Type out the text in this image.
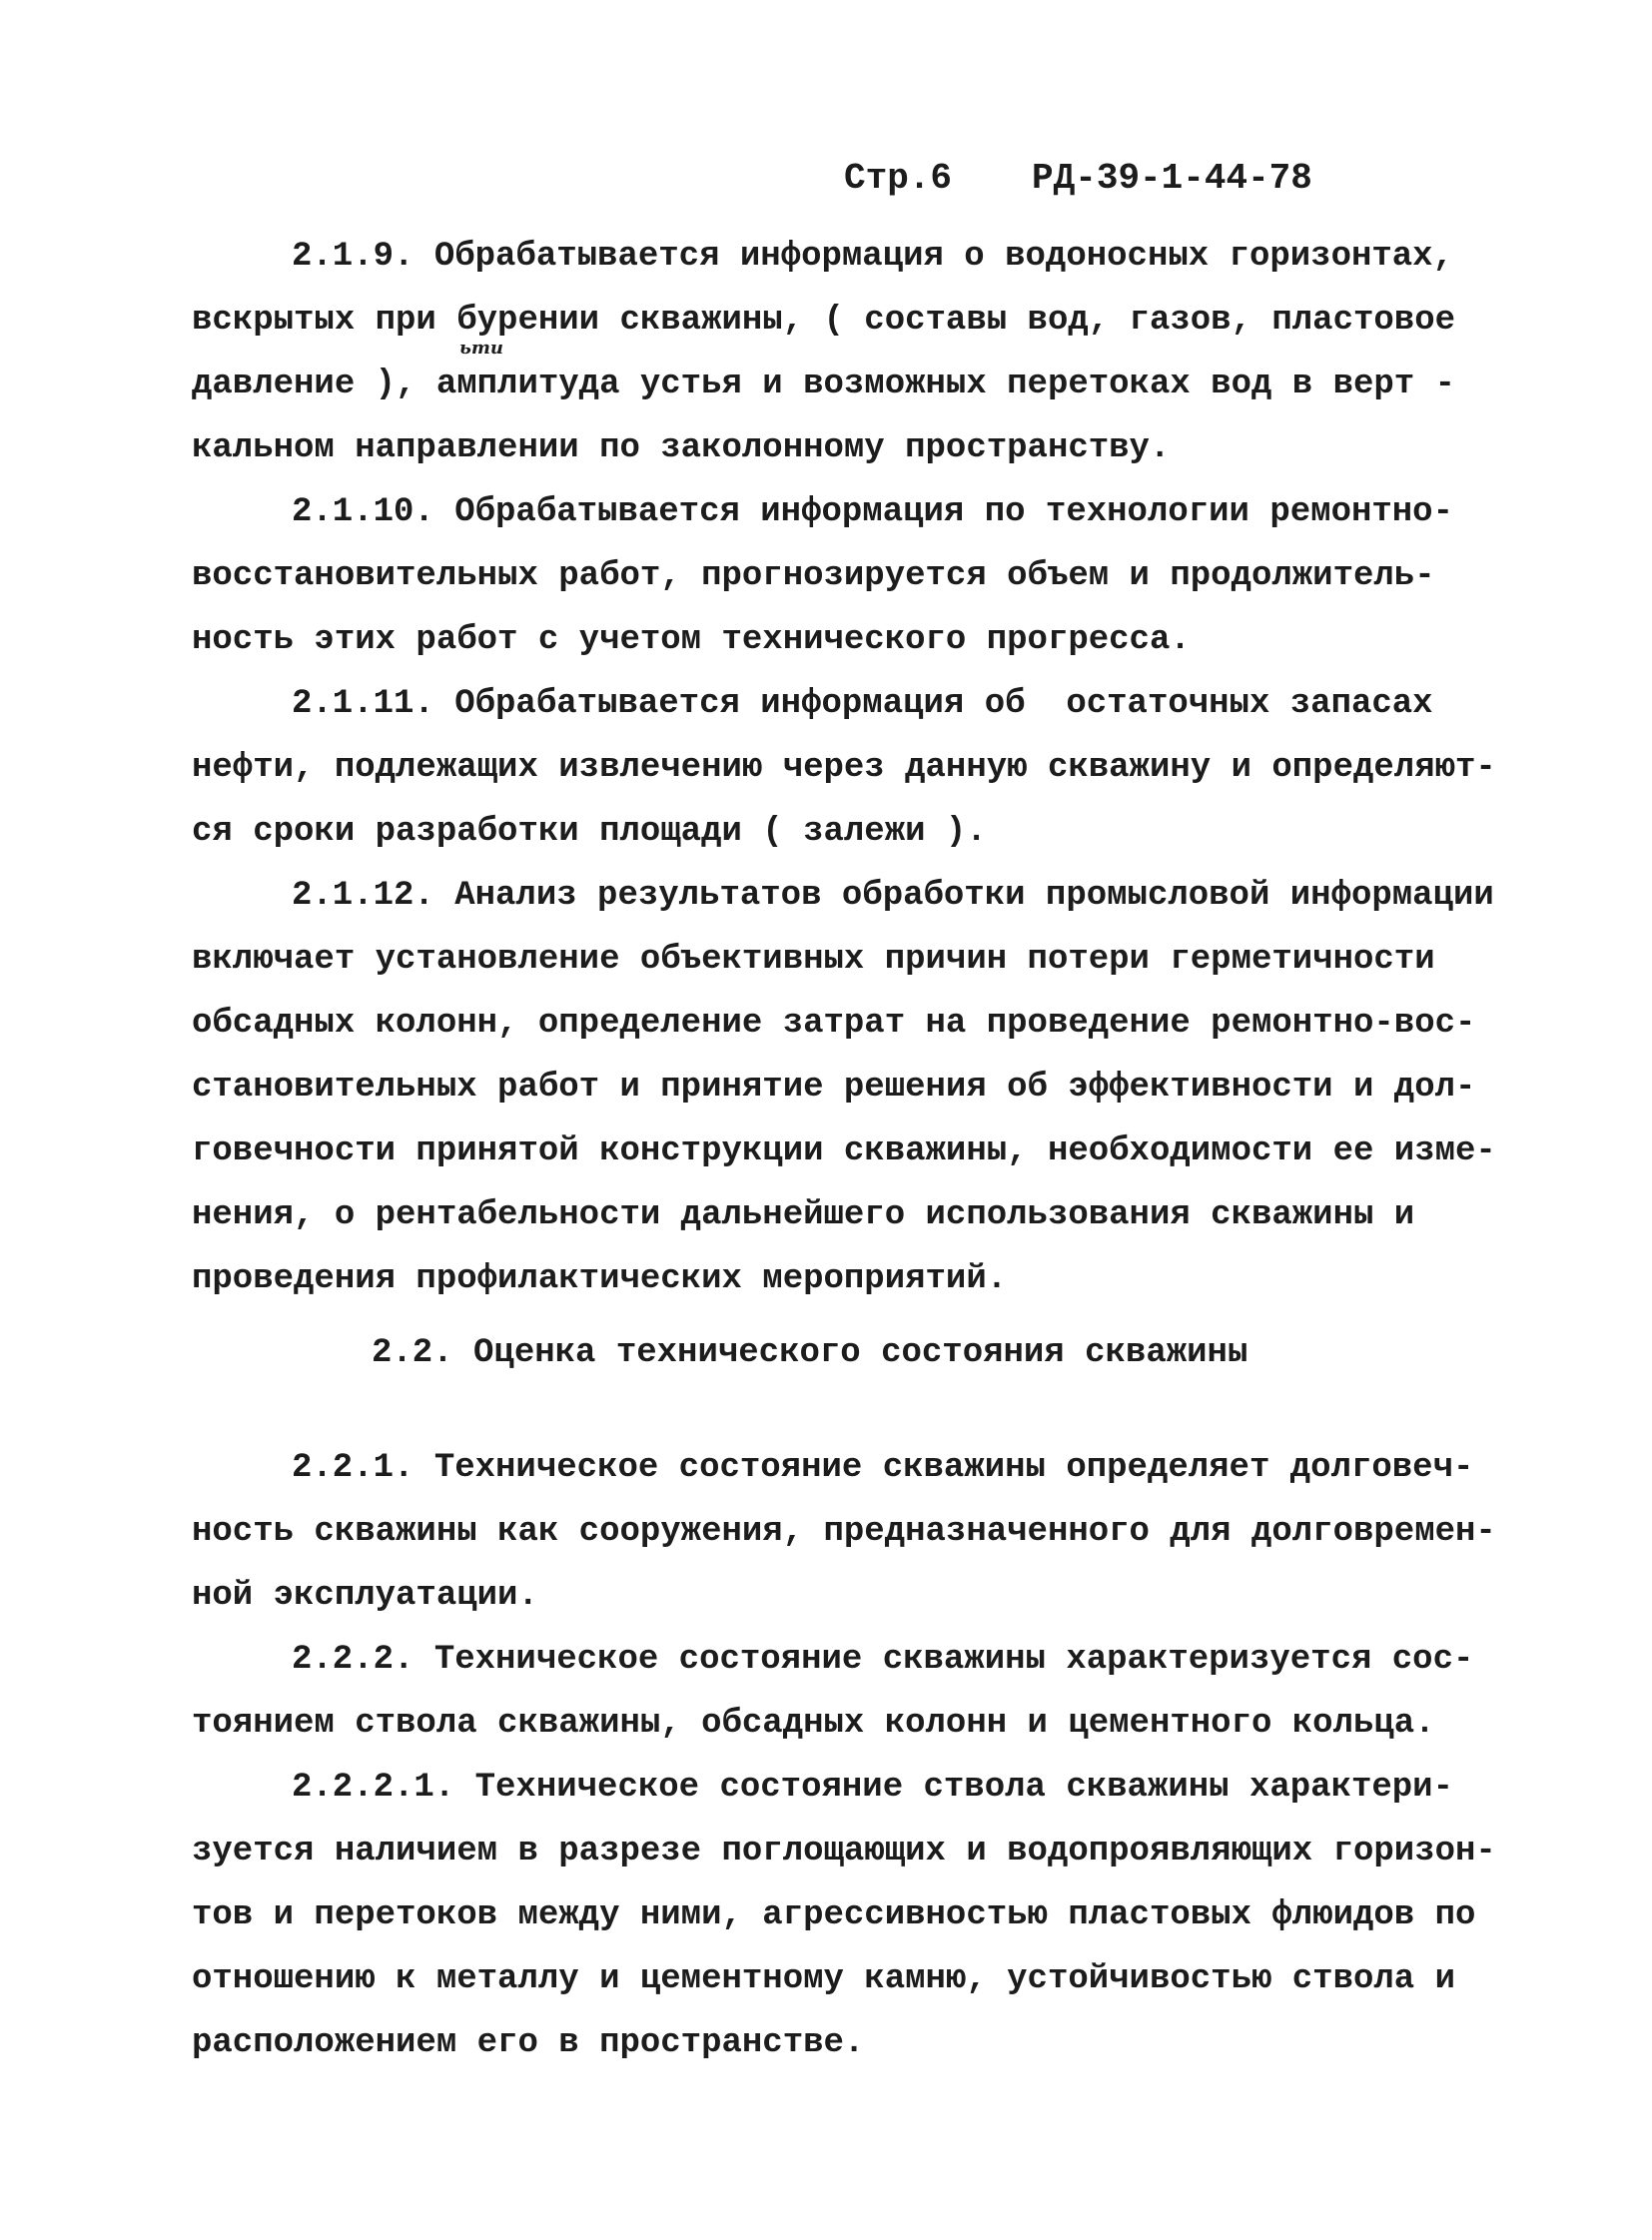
Стр.6 РД-39-1-44-78
ьти
2.1.9. Обрабатывается информация о водоносных горизонтах,
вскрытых при бурении скважины, ( составы вод, газов, пластовое
давление ), амплитуда устья и возможных перетоках вод в верт -
кальном направлении по заколонному пространству.
2.1.10. Обрабатывается информация по технологии ремонтно-
восстановительных работ, прогнозируется объем и продолжитель-
ность этих работ с учетом технического прогресса.
2.1.11. Обрабатывается информация об  остаточных запасах
нефти, подлежащих извлечению через данную скважину и определяют-
ся сроки разработки площади ( залежи ).
2.1.12. Анализ результатов обработки промысловой информации
включает установление объективных причин потери герметичности
обсадных колонн, определение затрат на проведение ремонтно-вос-
становительных работ и принятие решения об эффективности и дол-
говечности принятой конструкции скважины, необходимости ее изме-
нения, о рентабельности дальнейшего использования скважины и
проведения профилактических мероприятий.
2.2. Оценка технического состояния скважины
2.2.1. Техническое состояние скважины определяет долговеч-
ность скважины как сооружения, предназначенного для долговремен-
ной эксплуатации.
2.2.2. Техническое состояние скважины характеризуется сос-
тоянием ствола скважины, обсадных колонн и цементного кольца.
2.2.2.1. Техническое состояние ствола скважины характери-
зуется наличием в разрезе поглощающих и водопроявляющих горизон-
тов и перетоков между ними, агрессивностью пластовых флюидов по
отношению к металлу и цементному камню, устойчивостью ствола и
расположением его в пространстве.
